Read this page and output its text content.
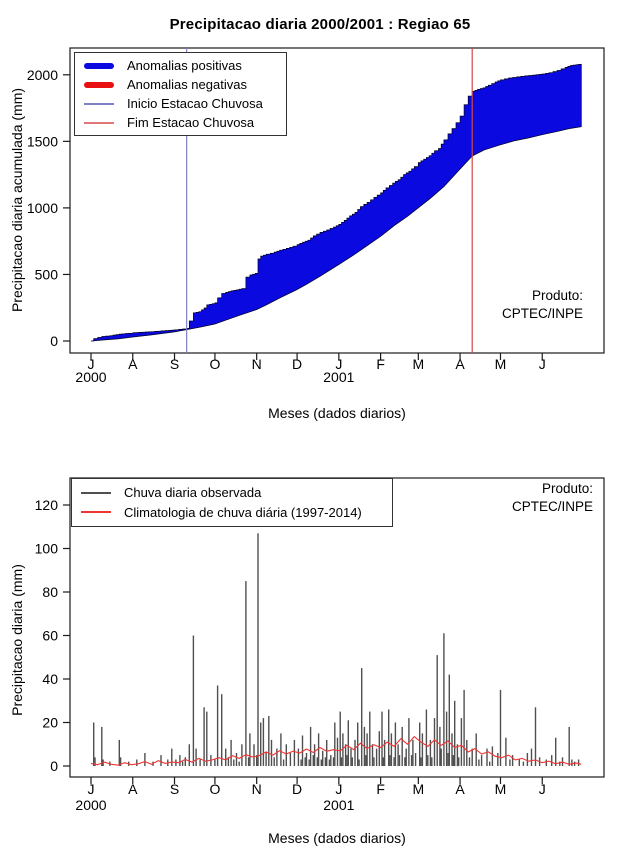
0
500
1000
1500
2000
J A S O N D J F M A M J
2000	2001
0
20
40
60
80
100
120
J A S O N D J F M A M J
2000	2001
Precipitacao diaria 2000/2001 : Regiao 65
Precipitacao diaria acumulada (mm)
Meses (dados diarios)
Produto:
CPTEC/INPE
Anomalias positivas
Anomalias negativas
Inicio Estacao Chuvosa
Fim Estacao Chuvosa
Precipitacao diaria (mm)
Meses (dados diarios)
Produto:
CPTEC/INPE
Chuva diaria observada
Climatologia de chuva diária (1997-2014)
